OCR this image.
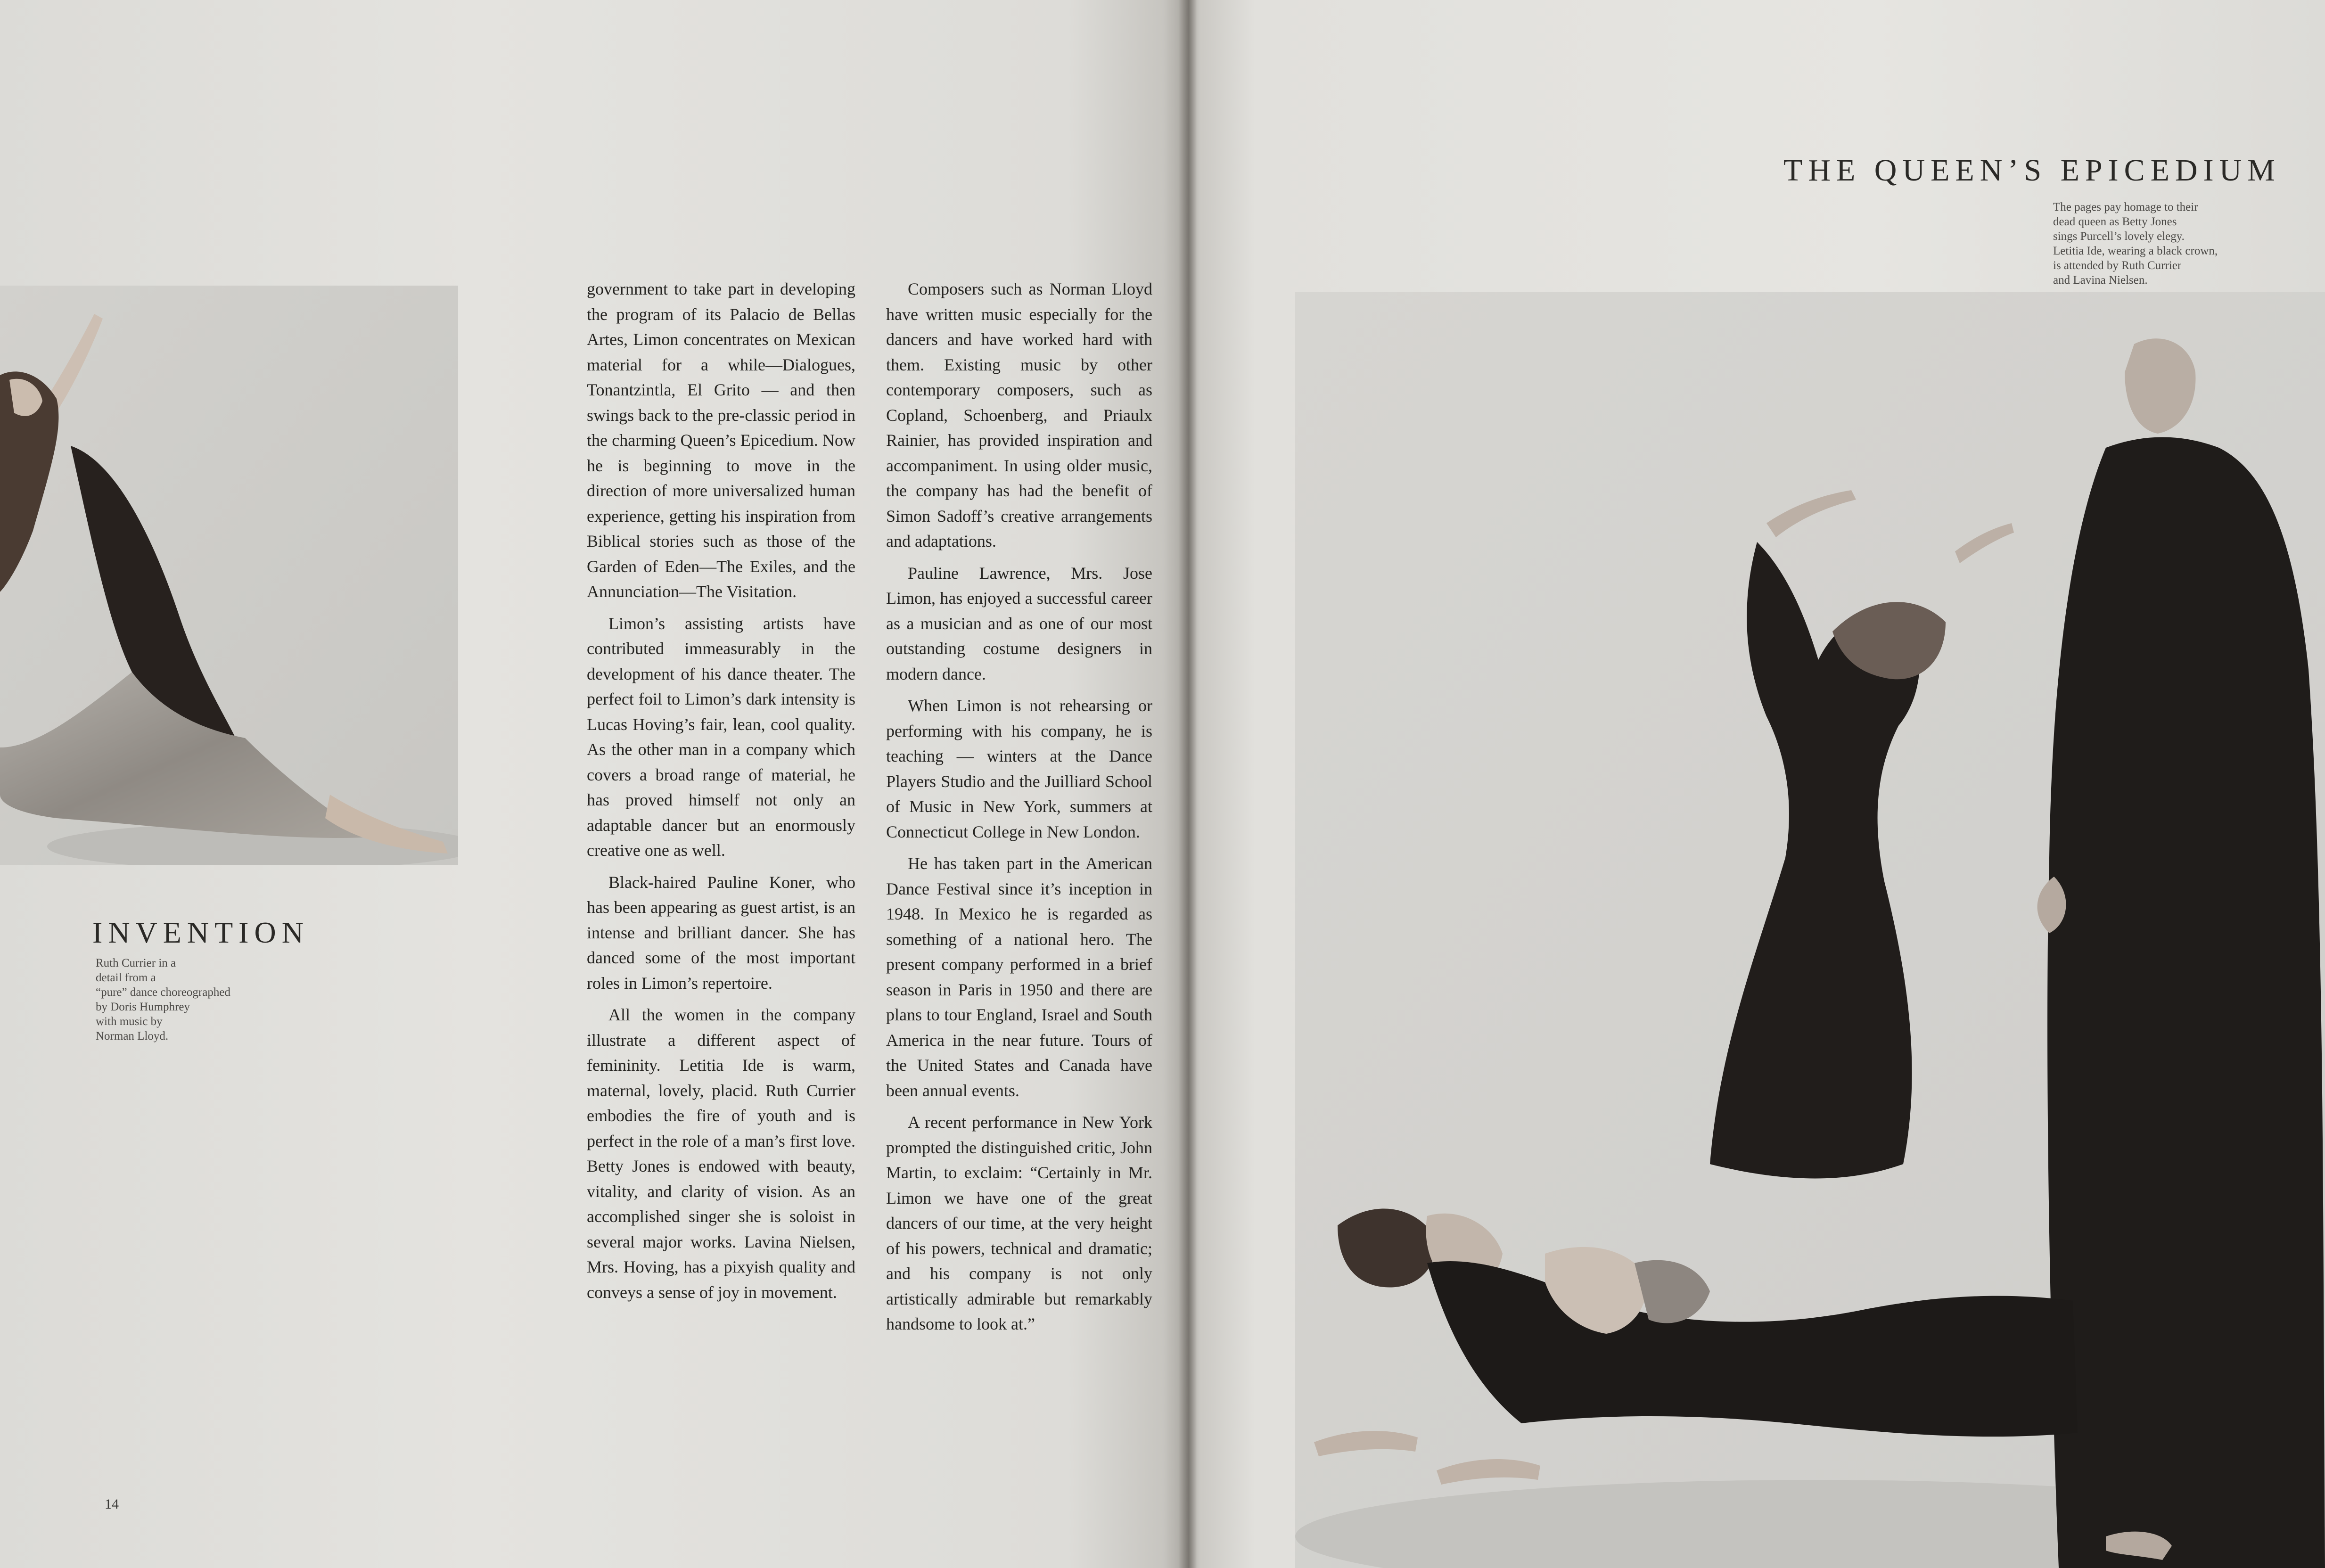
INVENTION
Ruth Currier in a
detail from a
“pure” dance choreographed
by Doris Humphrey
with music by
Norman Lloyd.

government to take part in developing the program of its Palacio de Bellas Artes, Limon concentrates on Mexican material for a while—Dialogues, Tonantzintla, El Grito — and then swings back to the pre-classic period in the charming Queen’s Epicedium. Now he is beginning to move in the direction of more universalized human experience, getting his inspiration from Biblical stories such as those of the Garden of Eden—The Exiles, and the Annunciation—The Visitation.

Limon’s assisting artists have contributed immeasurably in the development of his dance theater. The perfect foil to Limon’s dark intensity is Lucas Hoving’s fair, lean, cool quality. As the other man in a company which covers a broad range of material, he has proved himself not only an adaptable dancer but an enormously creative one as well.

Black-haired Pauline Koner, who has been appearing as guest artist, is an intense and brilliant dancer. She has danced some of the most important roles in Limon’s repertoire.

All the women in the company illustrate a different aspect of femininity. Letitia Ide is warm, maternal, lovely, placid. Ruth Currier embodies the fire of youth and is perfect in the role of a man’s first love. Betty Jones is endowed with beauty, vitality, and clarity of vision. As an accomplished singer she is soloist in several major works. Lavina Nielsen, Mrs. Hoving, has a pixyish quality and conveys a sense of joy in movement.

Composers such as Norman Lloyd have written music especially for the dancers and have worked hard with them. Existing music by other contemporary composers, such as Copland, Schoenberg, and Priaulx Rainier, has provided inspiration and accompaniment. In using older music, the company has had the benefit of Simon Sadoff’s creative arrangements and adaptations.

Pauline Lawrence, Mrs. Jose Limon, has enjoyed a successful career as a musician and as one of our most outstanding costume designers in modern dance.

When Limon is not rehearsing or performing with his company, he is teaching — winters at the Dance Players Studio and the Juilliard School of Music in New York, summers at Connecticut College in New London.

He has taken part in the American Dance Festival since it’s inception in 1948. In Mexico he is regarded as something of a national hero. The present company performed in a brief season in Paris in 1950 and there are plans to tour England, Israel and South America in the near future. Tours of the United States and Canada have been annual events.

A recent performance in New York prompted the distinguished critic, John Martin, to exclaim: “Certainly in Mr. Limon we have one of the great dancers of our time, at the very height of his powers, technical and dramatic; and his company is not only artistically admirable but remarkably handsome to look at.”

14
THE QUEEN’S EPICEDIUM
The pages pay homage to their
dead queen as Betty Jones
sings Purcell’s lovely elegy.
Letitia Ide, wearing a black crown,
is attended by Ruth Currier
and Lavina Nielsen.
